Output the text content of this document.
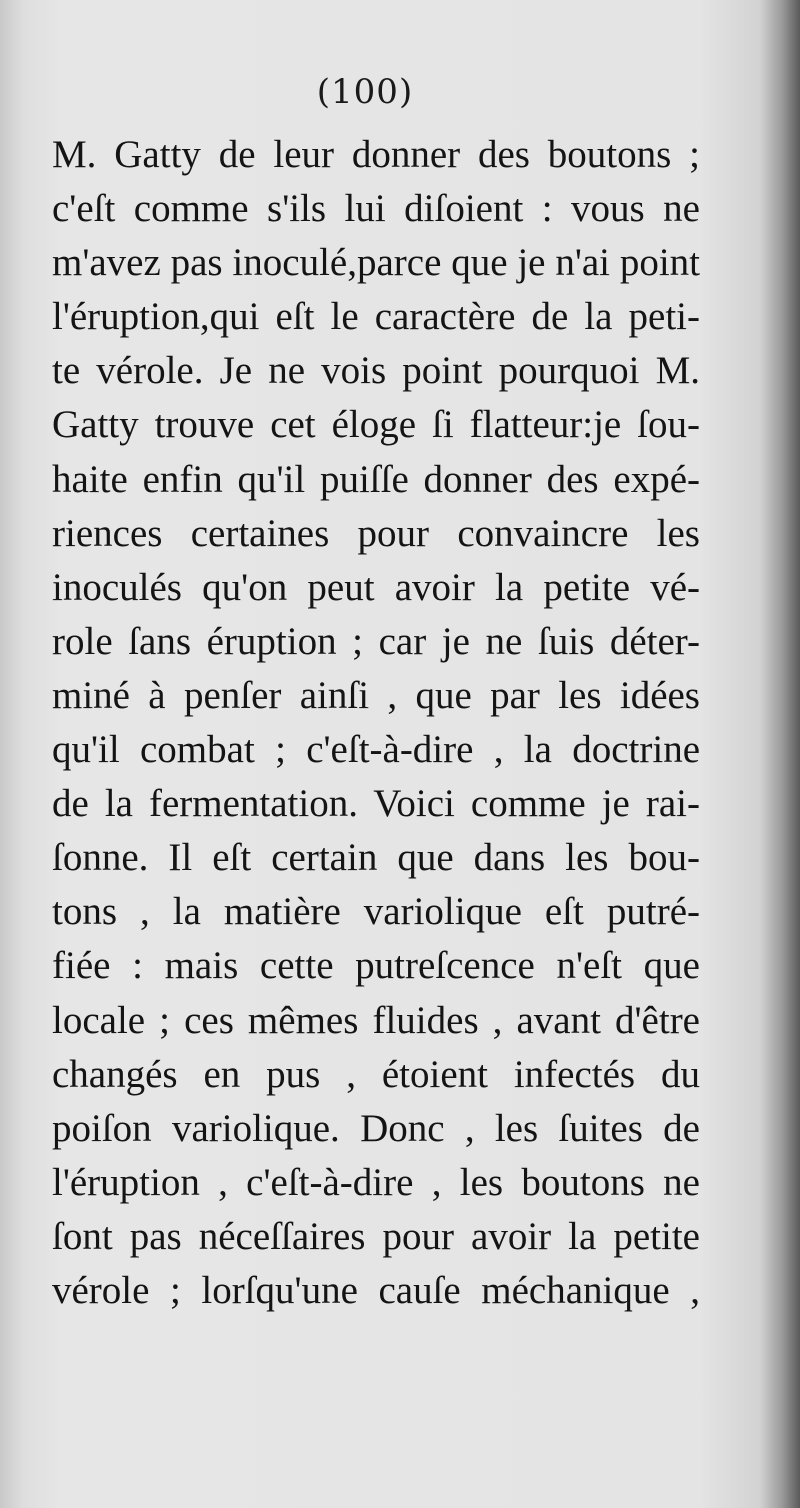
(100)
M. Gatty de leur donner des boutons ;
c'eſt comme s'ils lui diſoient : vous ne
m'avez pas inoculé,parce que je n'ai point
l'éruption,qui eſt le caractère de la peti-
te vérole. Je ne vois point pourquoi M.
Gatty trouve cet éloge ſi flatteur:je ſou-
haite enfin qu'il puiſſe donner des expé-
riences certaines pour convaincre les
inoculés qu'on peut avoir la petite vé-
role ſans éruption ; car je ne ſuis déter-
miné à penſer ainſi , que par les idées
qu'il combat ; c'eſt-à-dire , la doctrine
de la fermentation. Voici comme je rai-
ſonne. Il eſt certain que dans les bou-
tons , la matière variolique eſt putré-
fiée : mais cette putreſcence n'eſt que
locale ; ces mêmes fluides , avant d'être
changés en pus , étoient infectés du
poiſon variolique. Donc , les ſuites de
l'éruption , c'eſt-à-dire , les boutons ne
ſont pas néceſſaires pour avoir la petite
vérole ; lorſqu'une cauſe méchanique ,
